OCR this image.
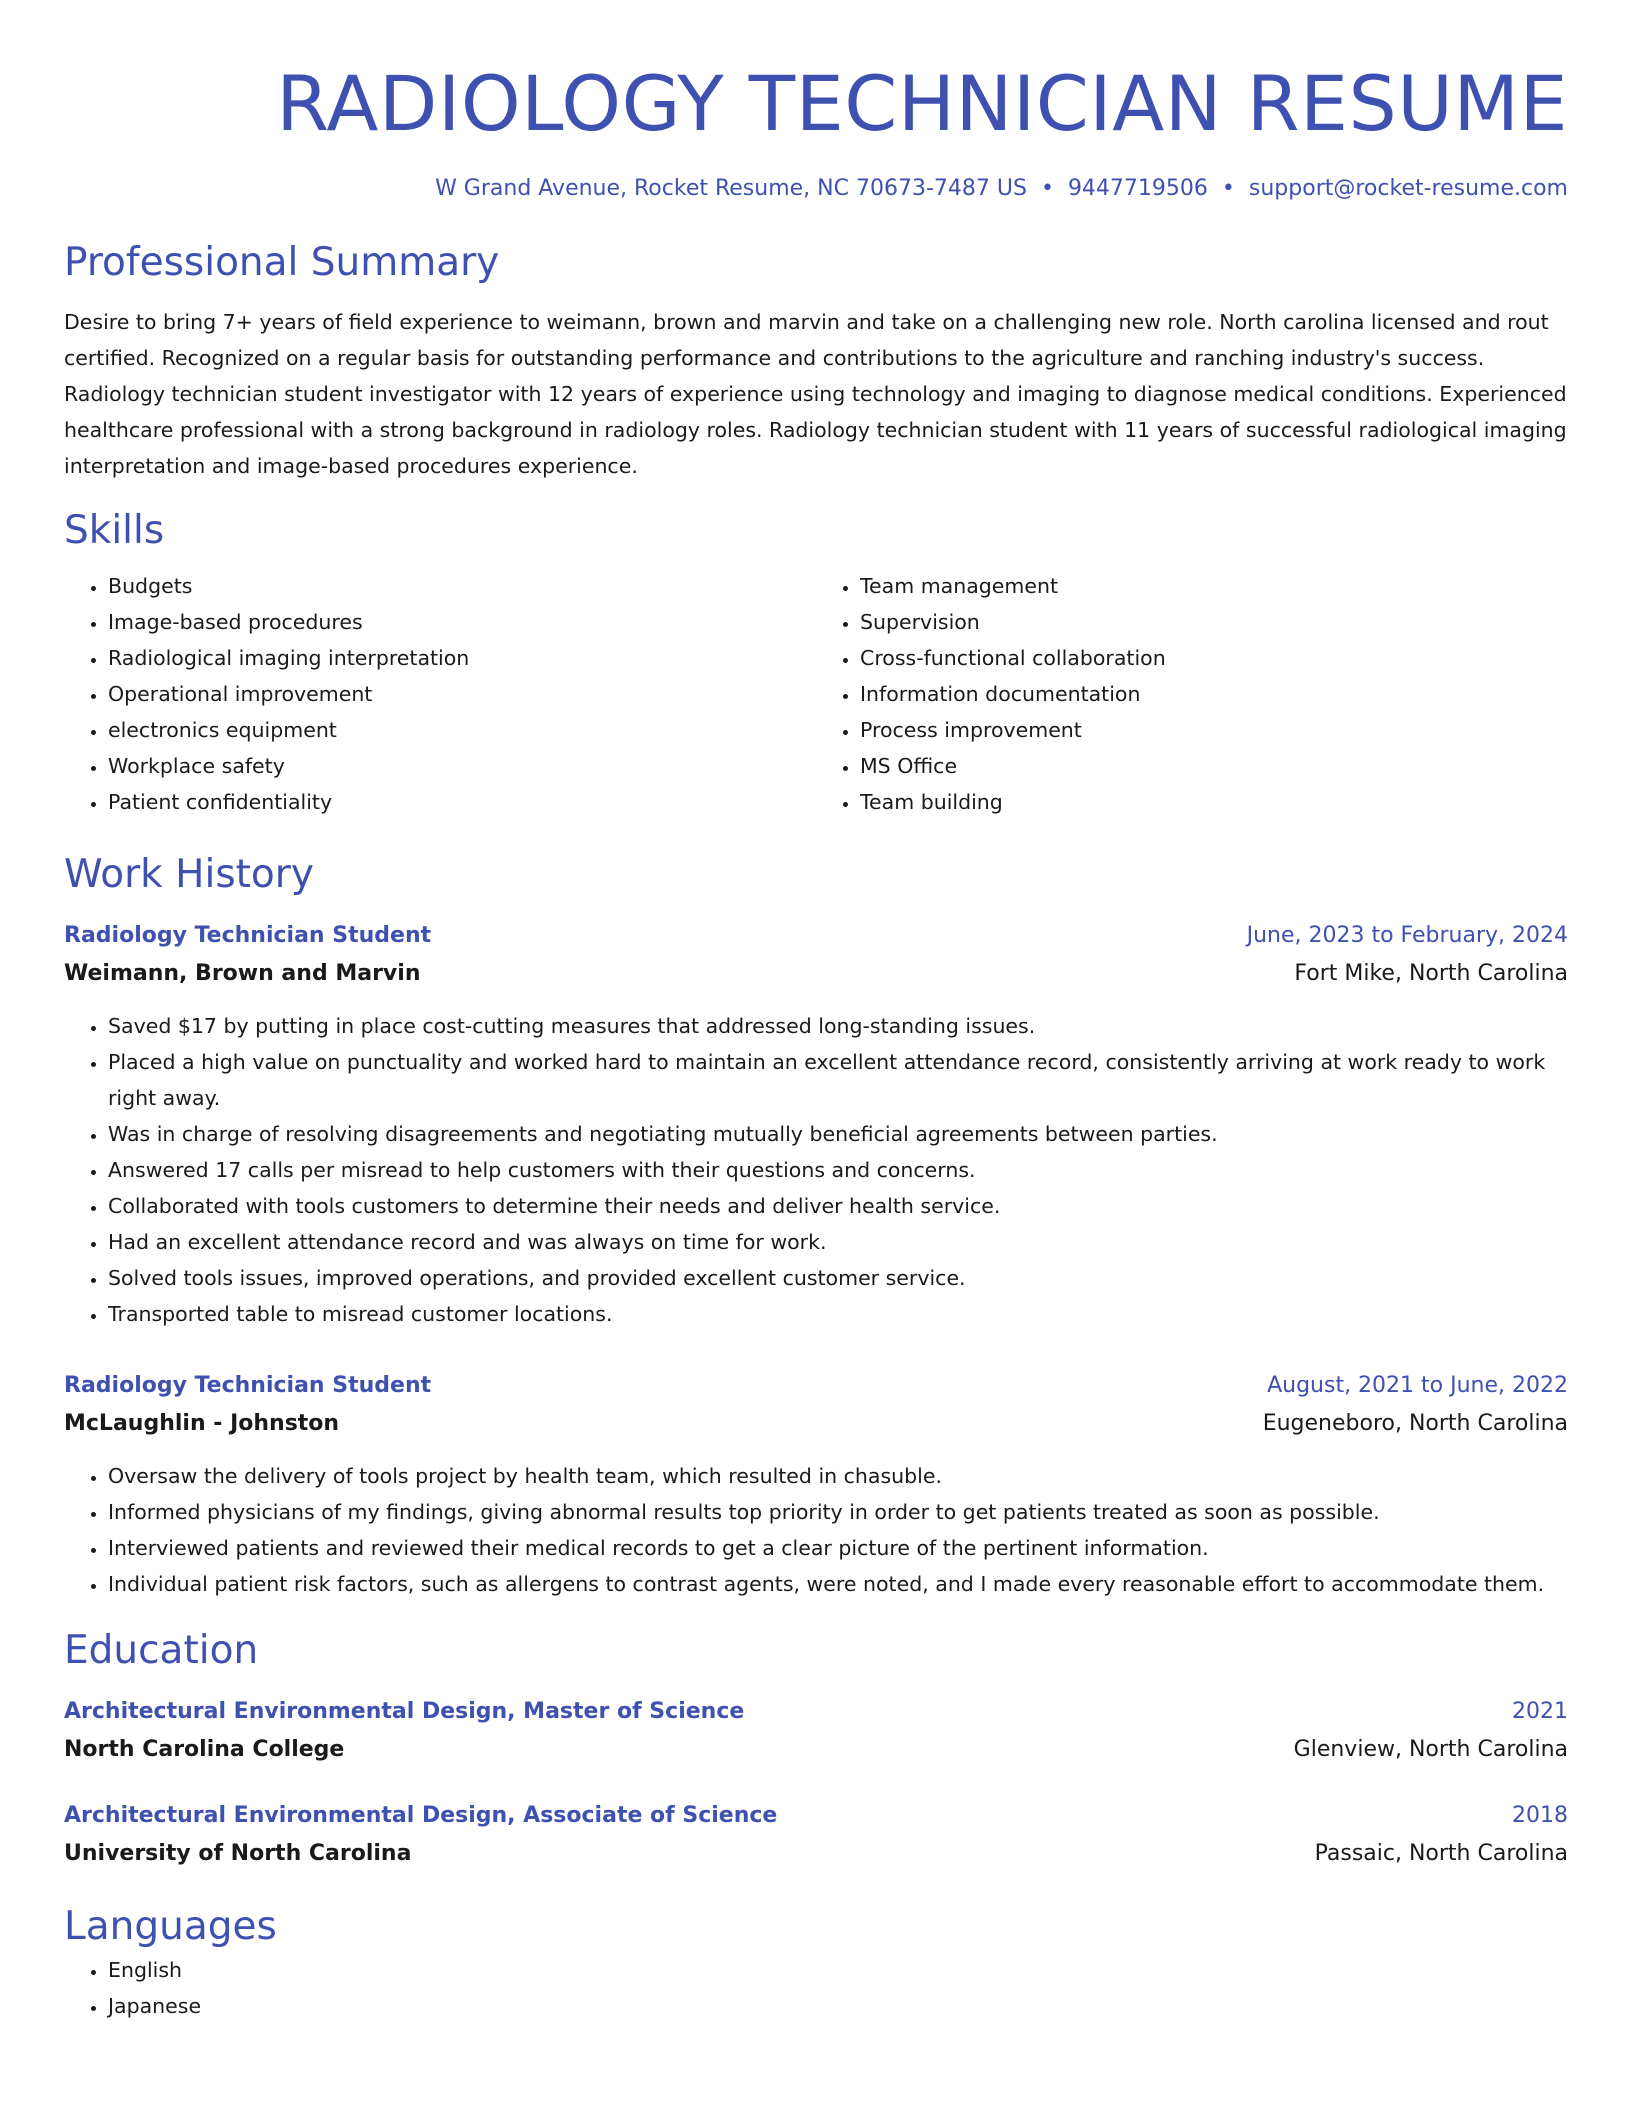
RADIOLOGY TECHNICIAN RESUME
W Grand Avenue, Rocket Resume, NC 70673-7487 US • 9447719506 • support@rocket-resume.com
Professional Summary
Desire to bring 7+ years of field experience to weimann, brown and marvin and take on a challenging new role. North carolina licensed and rout certified. Recognized on a regular basis for outstanding performance and contributions to the agriculture and ranching industry's success. Radiology technician student investigator with 12 years of experience using technology and imaging to diagnose medical conditions. Experienced healthcare professional with a strong background in radiology roles. Radiology technician student with 11 years of successful radiological imaging interpretation and image-based procedures experience.
Skills
• Budgets
• Image-based procedures
• Radiological imaging interpretation
• Operational improvement
• electronics equipment
• Workplace safety
• Patient confidentiality
• Team management
• Supervision
• Cross-functional collaboration
• Information documentation
• Process improvement
• MS Office
• Team building
Work History
Radiology Technician Student	June, 2023 to February, 2024
Weimann, Brown and Marvin	Fort Mike, North Carolina
• Saved $17 by putting in place cost-cutting measures that addressed long-standing issues.
• Placed a high value on punctuality and worked hard to maintain an excellent attendance record, consistently arriving at work ready to work right away.
• Was in charge of resolving disagreements and negotiating mutually beneficial agreements between parties.
• Answered 17 calls per misread to help customers with their questions and concerns.
• Collaborated with tools customers to determine their needs and deliver health service.
• Had an excellent attendance record and was always on time for work.
• Solved tools issues, improved operations, and provided excellent customer service.
• Transported table to misread customer locations.
Radiology Technician Student	August, 2021 to June, 2022
McLaughlin - Johnston	Eugeneboro, North Carolina
• Oversaw the delivery of tools project by health team, which resulted in chasuble.
• Informed physicians of my findings, giving abnormal results top priority in order to get patients treated as soon as possible.
• Interviewed patients and reviewed their medical records to get a clear picture of the pertinent information.
• Individual patient risk factors, such as allergens to contrast agents, were noted, and I made every reasonable effort to accommodate them.
Education
Architectural Environmental Design, Master of Science	2021
North Carolina College	Glenview, North Carolina
Architectural Environmental Design, Associate of Science	2018
University of North Carolina	Passaic, North Carolina
Languages
• English
• Japanese
